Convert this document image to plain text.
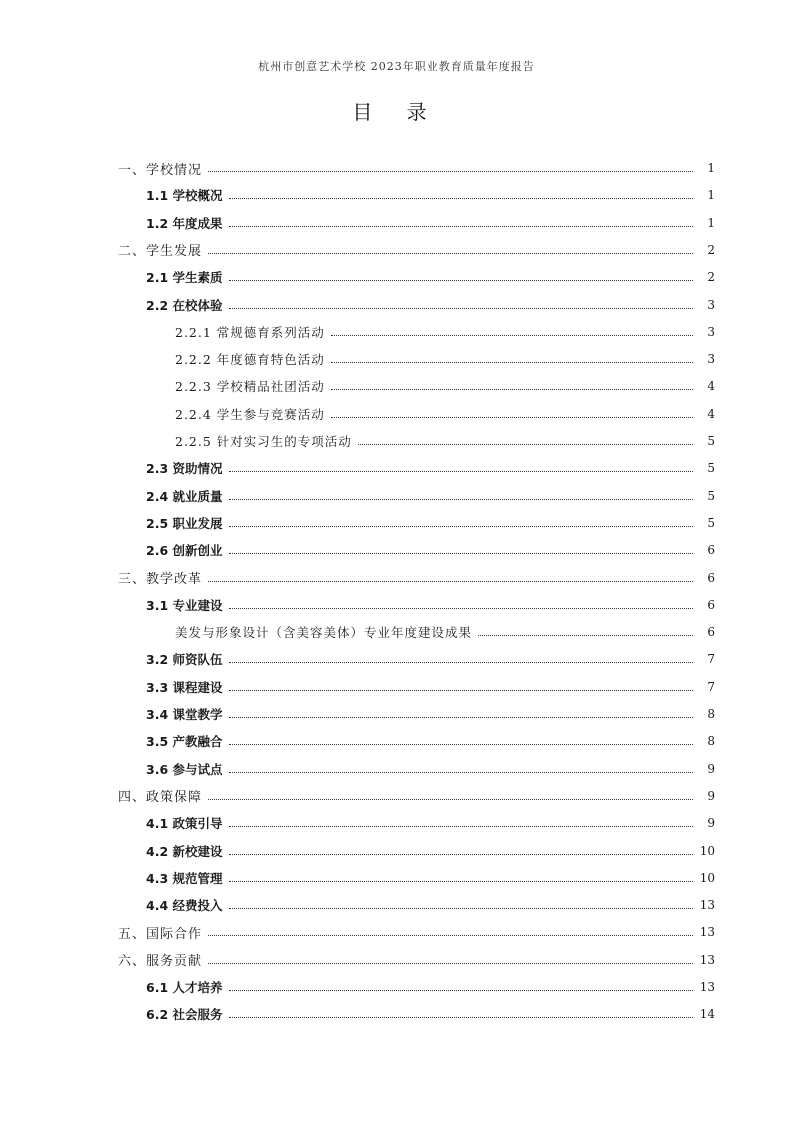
杭州市创意艺术学校 2023年职业教育质量年度报告
目 录
一、学校情况	1
1.1 学校概况	1
1.2 年度成果	1
二、学生发展	2
2.1 学生素质	2
2.2 在校体验	3
2.2.1 常规德育系列活动	3
2.2.2 年度德育特色活动	3
2.2.3 学校精品社团活动	4
2.2.4 学生参与竞赛活动	4
2.2.5 针对实习生的专项活动	5
2.3 资助情况	5
2.4 就业质量	5
2.5 职业发展	5
2.6 创新创业	6
三、教学改革	6
3.1 专业建设	6
美发与形象设计（含美容美体）专业年度建设成果	6
3.2 师资队伍	7
3.3 课程建设	7
3.4 课堂教学	8
3.5 产教融合	8
3.6 参与试点	9
四、政策保障	9
4.1 政策引导	9
4.2 新校建设	10
4.3 规范管理	10
4.4 经费投入	13
五、国际合作	13
六、服务贡献	13
6.1 人才培养	13
6.2 社会服务	14
